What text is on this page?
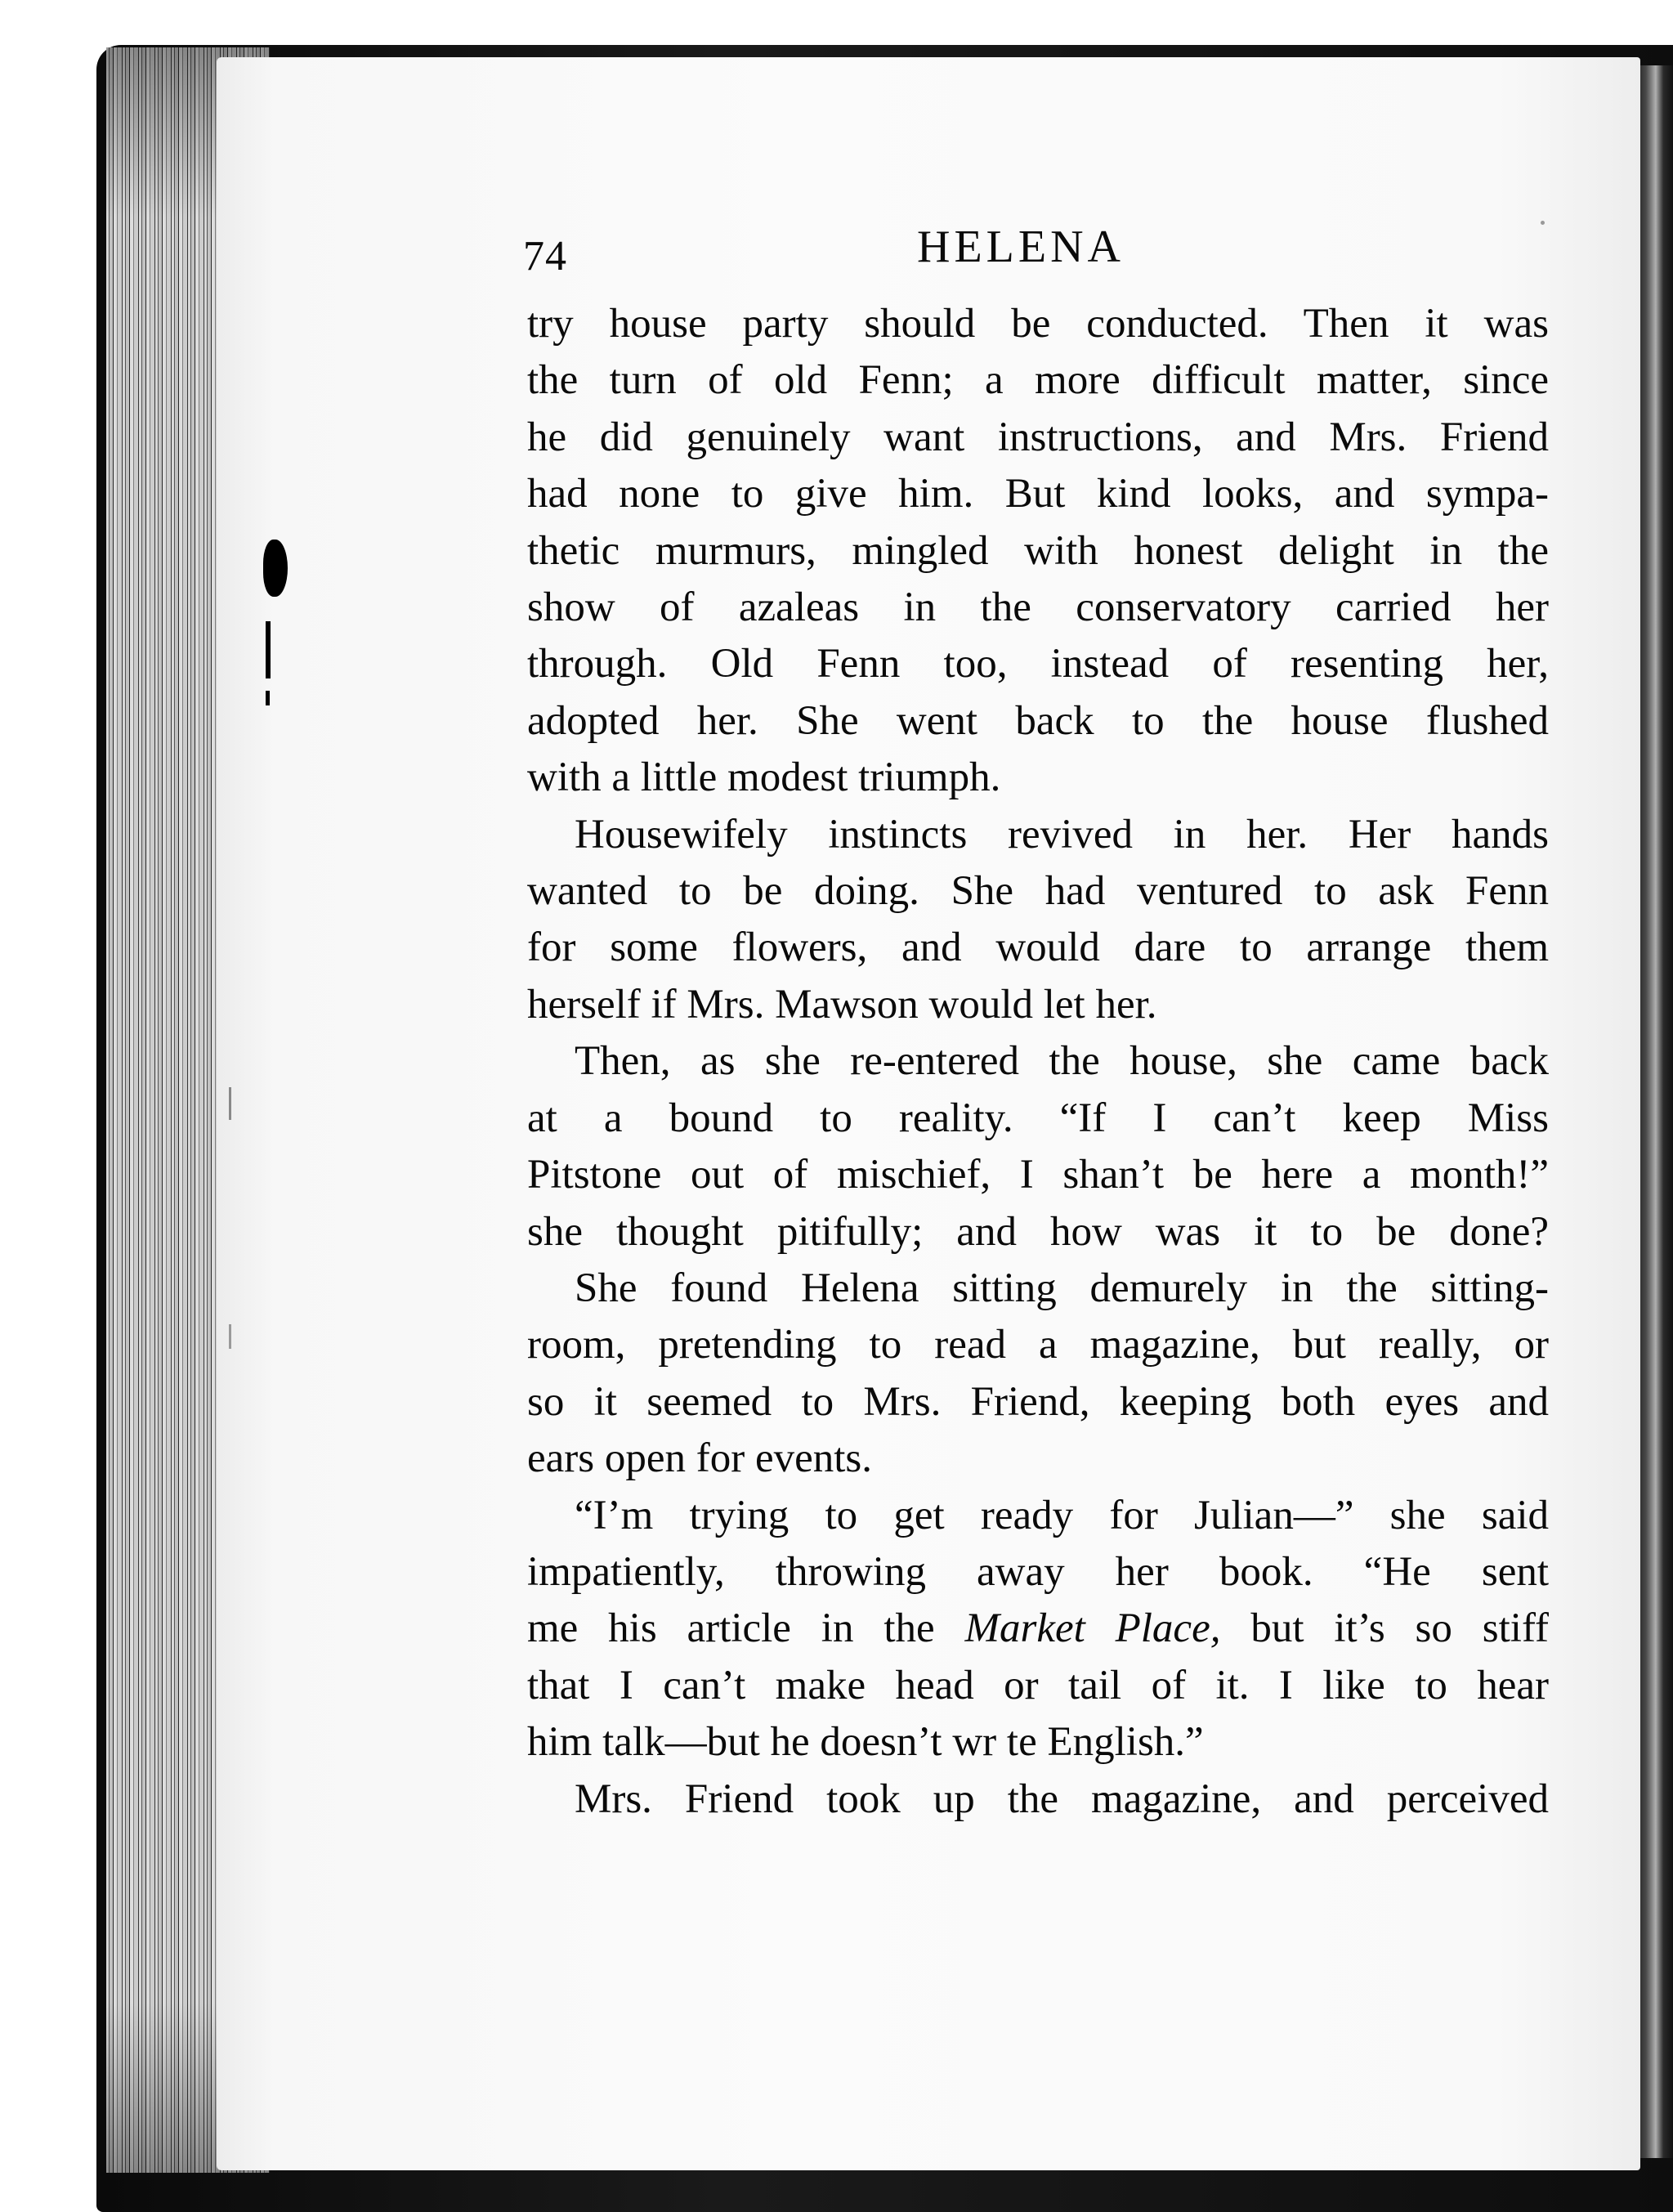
74	HELENA
try house party should be conducted. Then it was
the turn of old Fenn; a more difficult matter, since
he did genuinely want instructions, and Mrs. Friend
had none to give him. But kind looks, and sympa-
thetic murmurs, mingled with honest delight in the
show of azaleas in the conservatory carried her
through. Old Fenn too, instead of resenting her,
adopted her. She went back to the house flushed
with a little modest triumph.
Housewifely instincts revived in her. Her hands
wanted to be doing. She had ventured to ask Fenn
for some flowers, and would dare to arrange them
herself if Mrs. Mawson would let her.
Then, as she re-entered the house, she came back
at a bound to reality. “If I can’t keep Miss
Pitstone out of mischief, I shan’t be here a month!”
she thought pitifully; and how was it to be done?
She found Helena sitting demurely in the sitting-
room, pretending to read a magazine, but really, or
so it seemed to Mrs. Friend, keeping both eyes and
ears open for events.
“I’m trying to get ready for Julian—” she said
impatiently, throwing away her book. “He sent
me his article in the Market Place, but it’s so stiff
that I can’t make head or tail of it. I like to hear
him talk—but he doesn’t wr te English.”
Mrs. Friend took up the magazine, and perceived
